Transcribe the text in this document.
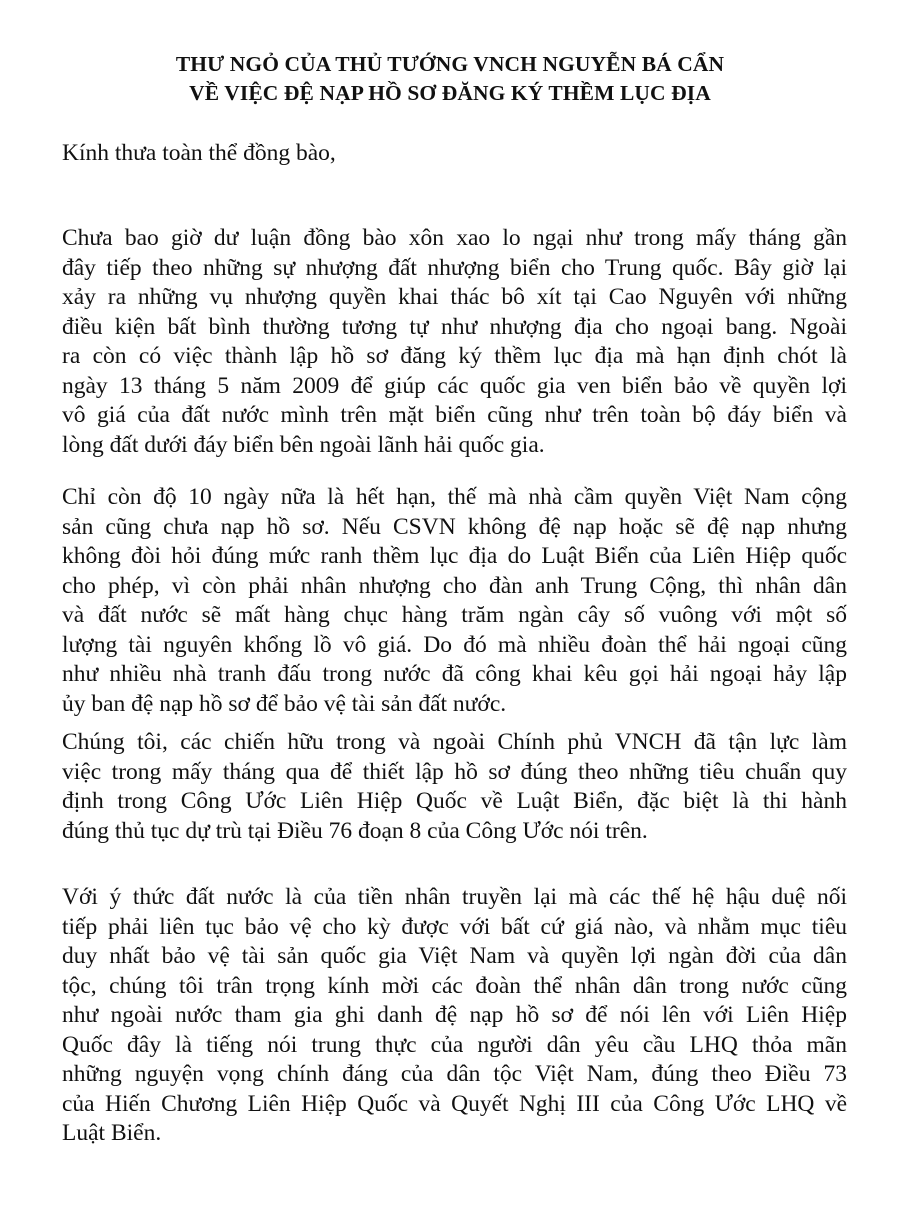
THƯ NGỎ CỦA THỦ TƯỚNG VNCH NGUYỄN BÁ CẨN
VỀ VIỆC ĐỆ NẠP HỒ SƠ ĐĂNG KÝ THỀM LỤC ĐỊA
Kính thưa toàn thể đồng bào,
Chưa bao giờ dư luận đồng bào xôn xao lo ngại như trong mấy tháng gần
đây tiếp theo những sự nhượng đất nhượng biển cho Trung quốc. Bây giờ lại
xảy ra những vụ nhượng quyền khai thác bô xít tại Cao Nguyên với những
điều kiện bất bình thường tương tự như nhượng địa cho ngoại bang. Ngoài
ra còn có việc thành lập hồ sơ đăng ký thềm lục địa mà hạn định chót là
ngày 13 tháng 5 năm 2009 để giúp các quốc gia ven biển bảo về quyền lợi
vô giá của đất nước mình trên mặt biển cũng như trên toàn bộ đáy biển và
lòng đất dưới đáy biển bên ngoài lãnh hải quốc gia.
Chỉ còn độ 10 ngày nữa là hết hạn, thế mà nhà cầm quyền Việt Nam cộng
sản cũng chưa nạp hồ sơ. Nếu CSVN không đệ nạp hoặc sẽ đệ nạp nhưng
không đòi hỏi đúng mức ranh thềm lục địa do Luật Biển của Liên Hiệp quốc
cho phép, vì còn phải nhân nhượng cho đàn anh Trung Cộng, thì nhân dân
và đất nước sẽ mất hàng chục hàng trăm ngàn cây số vuông với một số
lượng tài nguyên khổng lồ vô giá. Do đó mà nhiều đoàn thể hải ngoại cũng
như nhiều nhà tranh đấu trong nước đã công khai kêu gọi hải ngoại hảy lập
ủy ban đệ nạp hồ sơ để bảo vệ tài sản đất nước.
Chúng tôi, các chiến hữu trong và ngoài Chính phủ VNCH đã tận lực làm
việc trong mấy tháng qua để thiết lập hồ sơ đúng theo những tiêu chuẩn quy
định trong Công Ước Liên Hiệp Quốc về Luật Biển, đặc biệt là thi hành
đúng thủ tục dự trù tại Điều 76 đoạn 8 của Công Ước nói trên.
Với ý thức đất nước là của tiền nhân truyền lại mà các thế hệ hậu duệ nối
tiếp phải liên tục bảo vệ cho kỳ được với bất cứ giá nào, và nhằm mục tiêu
duy nhất bảo vệ tài sản quốc gia Việt Nam và quyền lợi ngàn đời của dân
tộc, chúng tôi trân trọng kính mời các đoàn thể nhân dân trong nước cũng
như ngoài nước tham gia ghi danh đệ nạp hồ sơ để nói lên với Liên Hiệp
Quốc đây là tiếng nói trung thực của người dân yêu cầu LHQ thỏa mãn
những nguyện vọng chính đáng của dân tộc Việt Nam, đúng theo Điều 73
của Hiến Chương Liên Hiệp Quốc và Quyết Nghị III của Công Ước LHQ về
Luật Biển.
